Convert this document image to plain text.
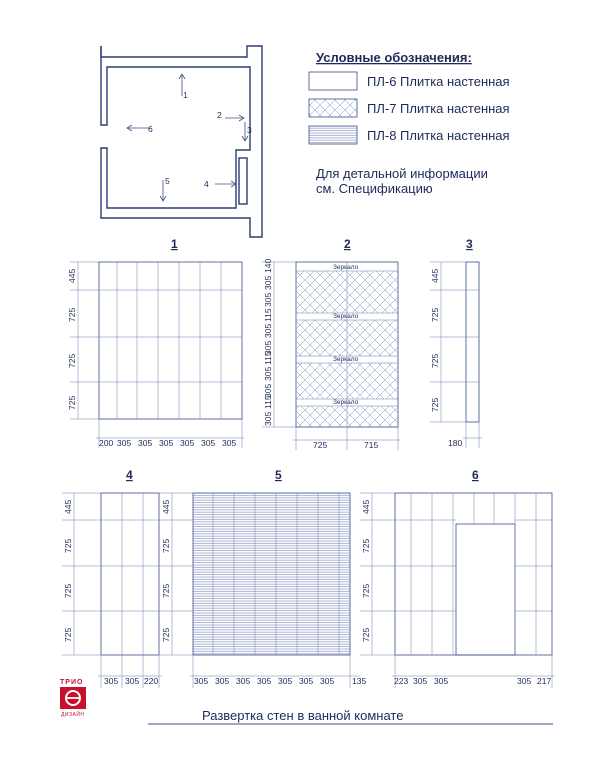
1
2
3
6
5	4
Условные обозначения:
ПЛ-6 Плитка настенная
ПЛ-7 Плитка настенная
ПЛ-8 Плитка настенная
Для детальной информации
см. Спецификацию
1
445
725
725
725
200 305 305 305 305 305 305
2
Зеркало
Зеркало
Зеркало
Зеркало
140
305
305
115
305
305
115
305
305
115
305
725	715
3
445
725
725
725
180
4
445
725
725
725
305 305 220
5
445
725
725
725
305 305 305 305 305 305 305 135
6
445
725
725
725
223 305 305	305 217
ТРИО
ДИЗАЙН	Развертка стен в ванной комнате
